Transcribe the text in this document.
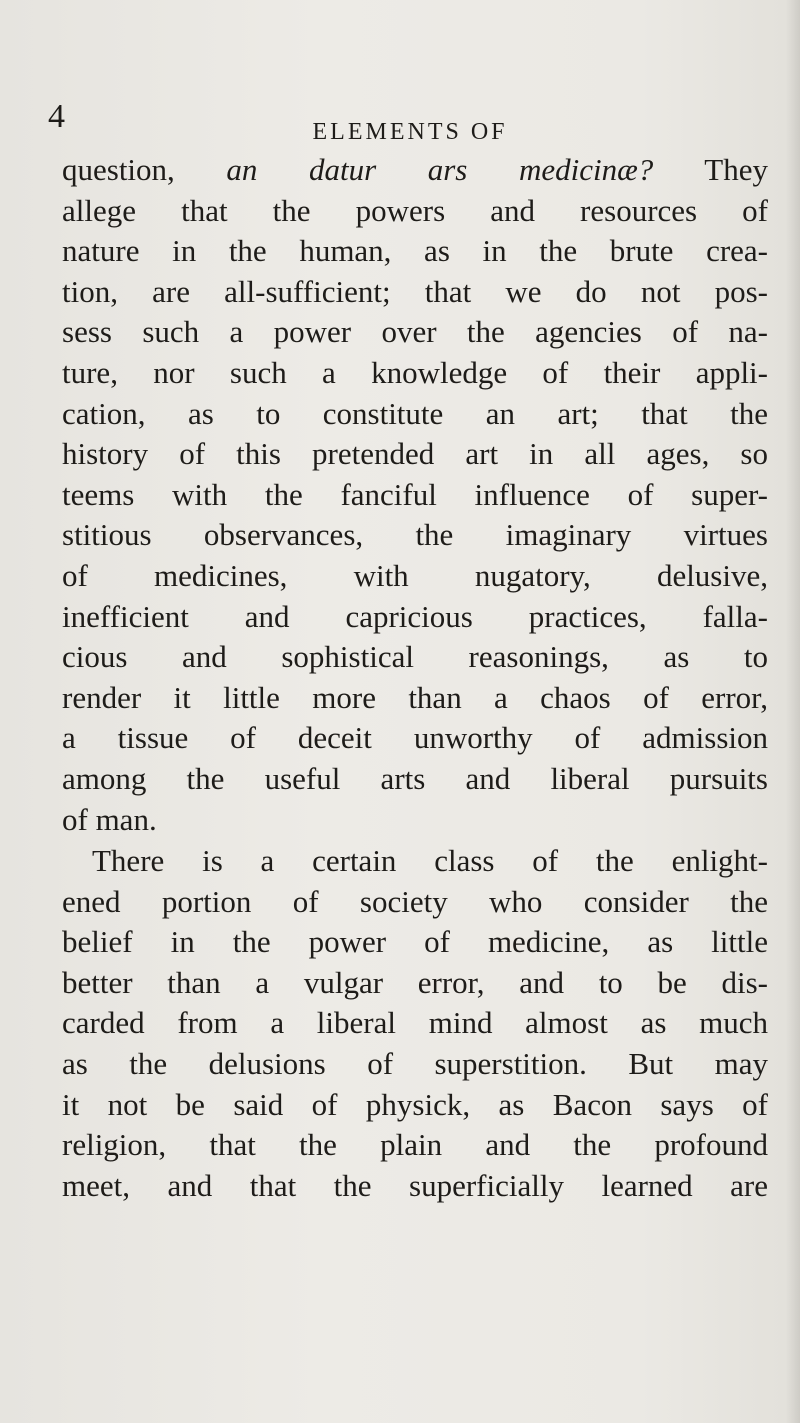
4	ELEMENTS OF
question, an datur ars medicinæ? They
allege that the powers and resources of
nature in the human, as in the brute crea-
tion, are all-sufficient; that we do not pos-
sess such a power over the agencies of na-
ture, nor such a knowledge of their appli-
cation, as to constitute an art; that the
history of this pretended art in all ages, so
teems with the fanciful influence of super-
stitious observances, the imaginary virtues
of medicines, with nugatory, delusive,
inefficient and capricious practices, falla-
cious and sophistical reasonings, as to
render it little more than a chaos of error,
a tissue of deceit unworthy of admission
among the useful arts and liberal pursuits
of man.
There is a certain class of the enlight-
ened portion of society who consider the
belief in the power of medicine, as little
better than a vulgar error, and to be dis-
carded from a liberal mind almost as much
as the delusions of superstition. But may
it not be said of physick, as Bacon says of
religion, that the plain and the profound
meet, and that the superficially learned are
